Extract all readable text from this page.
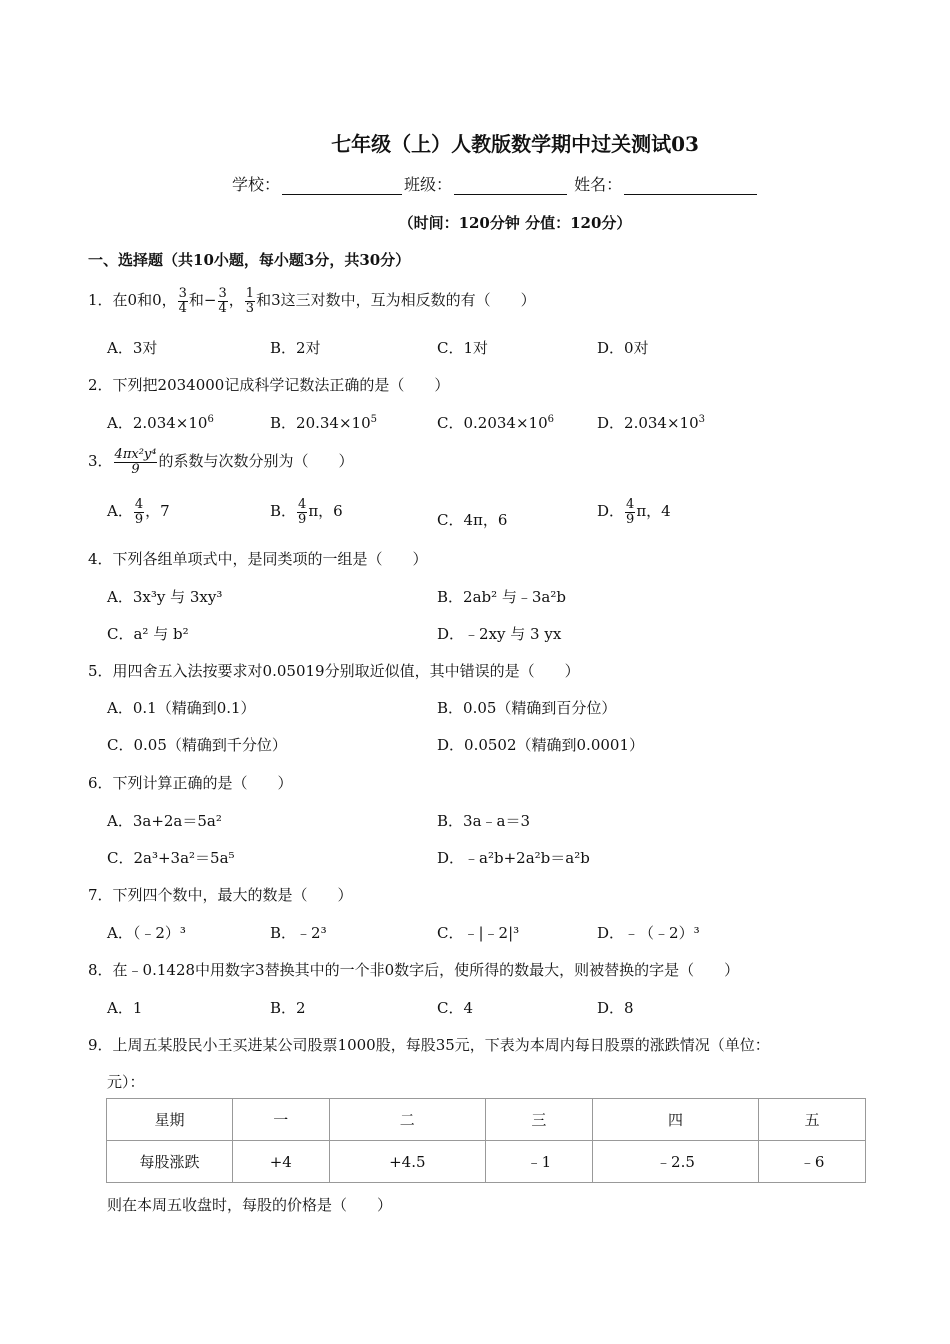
七年级（上）人教版数学期中过关测试03
学校：	班级：	姓名：
（时间：120分钟 分值：120分）
一、选择题（共10小题，每小题3分，共30分）
1．在0和0， $\frac{3}{4}$ 和− $\frac{3}{4}$ ， $\frac{1}{3}$ 和3这三对数中，互为相反数的有（　　）
A．3对	B．2对	C．1对	D．0对
2．下列把2034000记成科学记数法正确的是（　　）
A．$2.034\times 10^6$	B．$20.34\times 10^5$	C．$0.2034\times 10^6$	D．$2.034\times 10^3$
3． $\frac{\text{4πx²y⁴}}{9}$ 的系数与次数分别为（　　）
A． $\frac{4}{9}$ ，7	B． $\frac{4}{9}$ π，6	C．4π，6	D． $\frac{4}{9}$ π，4
4．下列各组单项式中，是同类项的一组是（　　）
A．3x³y 与 3xy³	B．2ab² 与﹣3a²b
C．a² 与 b²	D．﹣2xy 与 3 yx
5．用四舍五入法按要求对0.05019分别取近似值，其中错误的是（　　）
A．0.1（精确到0.1）	B．0.05（精确到百分位）
C．0.05（精确到千分位）	D．0.0502（精确到0.0001）
6．下列计算正确的是（　　）
A．3a+2a＝5a²	B．3a﹣a＝3
C．2a³+3a²＝5a⁵	D．﹣a²b+2a²b＝a²b
7．下列四个数中，最大的数是（　　）
A．（﹣2）³	B．﹣2³	C．﹣|﹣2|³	D．﹣（﹣2）³
8．在﹣0.1428中用数字3替换其中的一个非0数字后，使所得的数最大，则被替换的字是（　　）
A．1	B．2	C．4	D．8
9．上周五某股民小王买进某公司股票1000股，每股35元，下表为本周内每日股票的涨跌情况（单位：
元）：
星期	一	二	三	四	五
每股涨跌	+4	+4.5	﹣1	﹣2.5	﹣6
则在本周五收盘时，每股的价格是（　　）
